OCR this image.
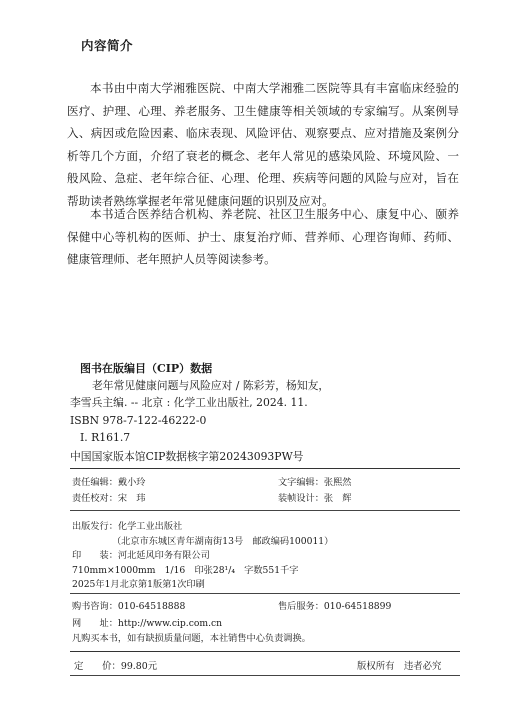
内容简介
本书由中南大学湘雅医院、中南大学湘雅二医院等具有丰富临床经验的医疗、护理、心理、养老服务、卫生健康等相关领域的专家编写。从案例导入、病因或危险因素、临床表现、风险评估、观察要点、应对措施及案例分析等几个方面，介绍了衰老的概念、老年人常见的感染风险、环境风险、一般风险、急症、老年综合征、心理、伦理、疾病等问题的风险与应对，旨在帮助读者熟练掌握老年常见健康问题的识别及应对。
本书适合医养结合机构、养老院、社区卫生服务中心、康复中心、颐养保健中心等机构的医师、护士、康复治疗师、营养师、心理咨询师、药师、健康管理师、老年照护人员等阅读参考。
图书在版编目（CIP）数据
老年常见健康问题与风险应对 / 陈彩芳，杨知友，
李雪兵主编. -- 北京 : 化学工业出版社, 2024. 11.
ISBN 978-7-122-46222-0
Ⅰ. R161.7
中国国家版本馆CIP数据核字第20243093PW号
责任编辑：戴小玲	文字编辑：张熙然
责任校对：宋　玮	装帧设计：张　辉
出版发行：化学工业出版社
（北京市东城区青年湖南街13号　邮政编码100011）
印　　装：河北延风印务有限公司
710mm×1000mm　1/16　印张28¹/₄　字数551千字
2025年1月北京第1版第1次印刷
购书咨询：010-64518888	售后服务：010-64518899
网　　址：http://www.cip.com.cn
凡购买本书，如有缺损质量问题，本社销售中心负责调换。
定　　价：99.80元	版权所有　违者必究
